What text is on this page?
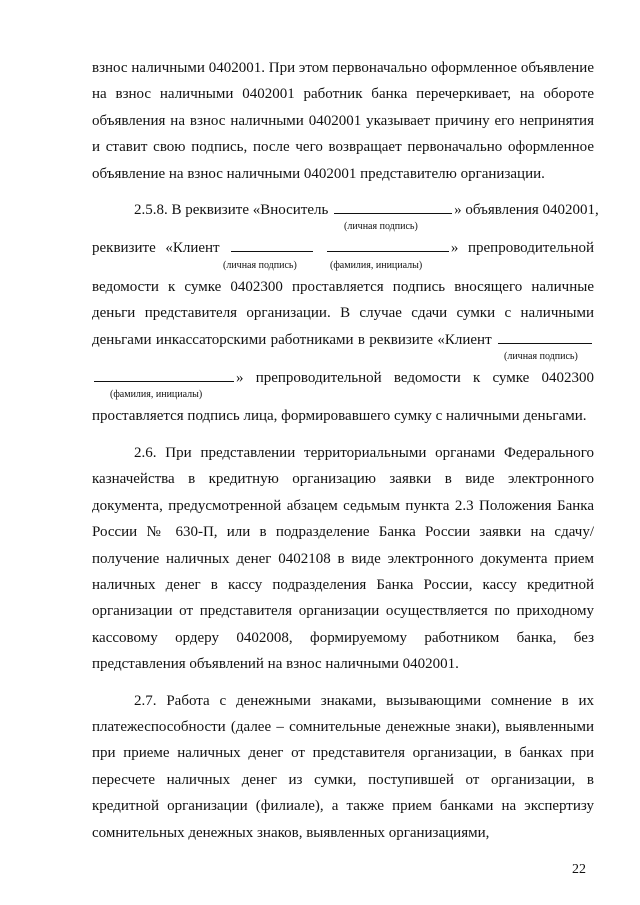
взнос наличными 0402001. При этом первоначально оформленное объявление на взнос наличными 0402001 работник банка перечеркивает, на обороте объявления на взнос наличными 0402001 указывает причину его непринятия и ставит свою подпись, после чего возвращает первоначально оформленное объявление на взнос наличными 0402001 представителю организации.

2.5.8. В реквизите «Вноситель	» объявления 0402001,
(личная подпись)
реквизите «Клиент	» препроводительной
(личная подпись)	(фамилия, инициалы)
ведомости к сумке 0402300 проставляется подпись вносящего наличные
деньги представителя организации. В случае сдачи сумки с наличными
деньгами инкассаторскими работниками в реквизите «Клиент
(личная подпись)
» препроводительной ведомости к сумке 0402300
(фамилия, инициалы)
проставляется подпись лица, формировавшего сумку с наличными деньгами.

2.6. При представлении территориальными органами Федерального казначейства в кредитную организацию заявки в виде электронного документа, предусмотренной абзацем седьмым пункта 2.3 Положения Банка России № 630-П, или в подразделение Банка России заявки на сдачу/получение наличных денег 0402108 в виде электронного документа прием наличных денег в кассу подразделения Банка России, кассу кредитной организации от представителя организации осуществляется по приходному кассовому ордеру 0402008, формируемому работником банка, без представления объявлений на взнос наличными 0402001.

2.7. Работа с денежными знаками, вызывающими сомнение в их платежеспособности (далее – сомнительные денежные знаки), выявленными при приеме наличных денег от представителя организации, в банках при пересчете наличных денег из сумки, поступившей от организации, в кредитной организации (филиале), а также прием банками на экспертизу сомнительных денежных знаков, выявленных организациями,

22
